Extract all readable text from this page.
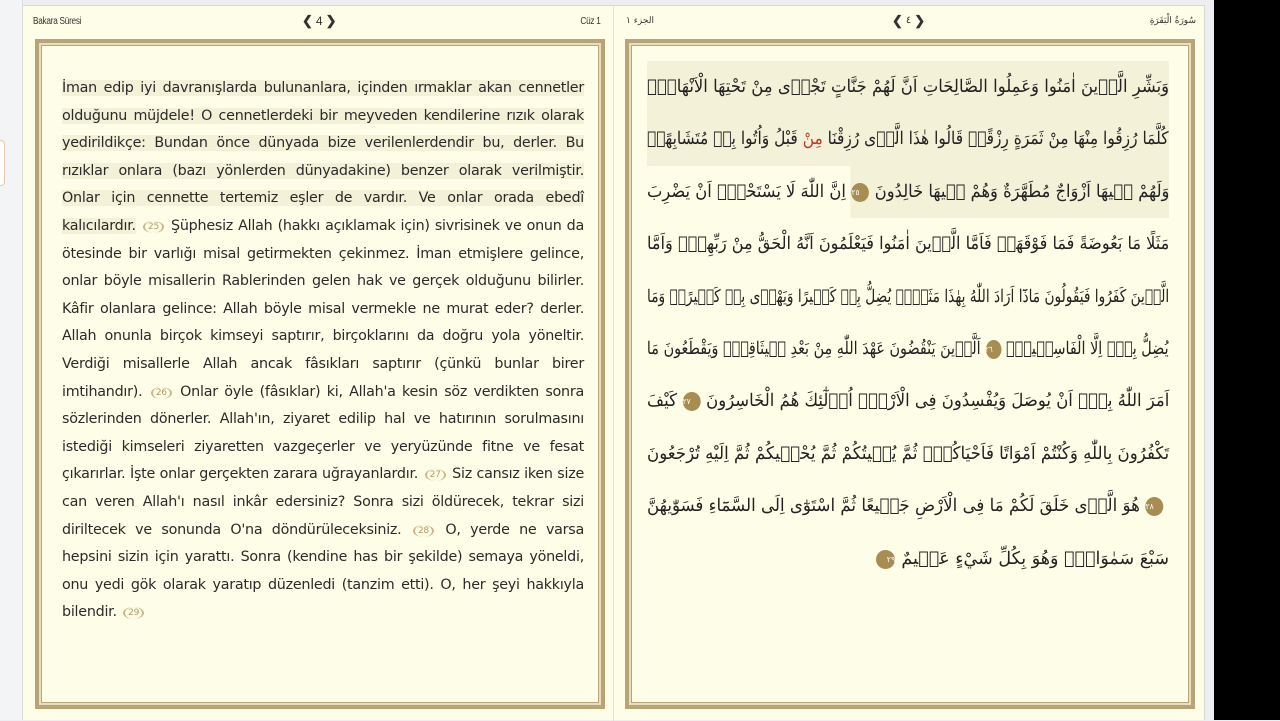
Bakara Süresi	❮ 4 ❯	Cüz 1
İman edip iyi davranışlarda bulunanlara, içinden ırmaklar akan cennetler olduğunu müjdele! O cennetlerdeki bir meyveden kendilerine rızık olarak yedirildikçe: Bundan önce dünyada bize verilenlerdendir bu, derler. Bu rızıklar onlara (bazı yönlerden dünyadakine) benzer olarak verilmiştir. Onlar için cennette tertemiz eşler de vardır. Ve onlar orada ebedî kalıcılardır. 25 Şüphesiz Allah (hakkı açıklamak için) sivrisinek ve onun da ötesinde bir varlığı misal getirmekten çekinmez. İman etmişlere gelince, onlar böyle misallerin Rablerinden gelen hak ve gerçek olduğunu bilirler. Kâfir olanlara gelince: Allah böyle misal vermekle ne murat eder? derler. Allah onunla birçok kimseyi saptırır, birçoklarını da doğru yola yöneltir. Verdiği misallerle Allah ancak fâsıkları saptırır (çünkü bunlar birer imtihandır). 26 Onlar öyle (fâsıklar) ki, Allah'a kesin söz verdikten sonra sözlerinden dönerler. Allah'ın, ziyaret edilip hal ve hatırının sorulmasını istediği kimseleri ziyaretten vazgeçerler ve yeryüzünde fitne ve fesat çıkarırlar. İşte onlar gerçekten zarara uğrayanlardır. 27 Siz cansız iken size can veren Allah'ı nasıl inkâr edersiniz? Sonra sizi öldürecek, tekrar sizi diriltecek ve sonunda O'na döndürüleceksiniz. 28 O, yerde ne varsa hepsini sizin için yarattı. Sonra (kendine has bir şekilde) semaya yöneldi, onu yedi gök olarak yaratıp düzenledi (tanzim etti). O, her şeyi hakkıyla bilendir. 29
الجزء ١	❮ ٤ ❯	سُورَةُ الْبَقَرَةِ
وَبَشِّرِ الَّذٖينَ اٰمَنُوا وَعَمِلُوا الصَّالِحَاتِ اَنَّ لَهُمْ جَنَّاتٍ تَجْرٖى مِنْ تَحْتِهَا الْاَنْهَارُۜ
كُلَّمَا رُزِقُوا مِنْهَا مِنْ ثَمَرَةٍ رِزْقًاۙ قَالُوا هٰذَا الَّذٖى رُزِقْنَا مِنْ قَبْلُ وَاُتُوا بِهٖ مُتَشَابِهًاۜ
وَلَهُمْ فٖيهَا اَزْوَاجٌ مُطَهَّرَةٌ وَهُمْ فٖيهَا خَالِدُونَ٢٥اِنَّ اللّٰهَ لَا يَسْتَحْيٖۤ اَنْ يَضْرِبَ
مَثَلًا مَا بَعُوضَةً فَمَا فَوْقَهَاۜ فَاَمَّا الَّذٖينَ اٰمَنُوا فَيَعْلَمُونَ اَنَّهُ الْحَقُّ مِنْ رَبِّهِمْۚ وَاَمَّا
الَّذٖينَ كَفَرُوا فَيَقُولُونَ مَاذَٓا اَرَادَ اللّٰهُ بِهٰذَا مَثَلًاۢ يُضِلُّ بِهٖ كَثٖيرًا وَيَهْدٖى بِهٖ كَثٖيرًاۜ وَمَا
يُضِلُّ بِهٖۤ اِلَّا الْفَاسِقٖينَۙ٢٦اَلَّذٖينَ يَنْقُضُونَ عَهْدَ اللّٰهِ مِنْ بَعْدِ مٖيثَاقِهٖۖ وَيَقْطَعُونَ مَا
اَمَرَ اللّٰهُ بِهٖۤ اَنْ يُوصَلَ وَيُفْسِدُونَ فِى الْاَرْضِۜ اُو۬لٰٓئِكَ هُمُ الْخَاسِرُونَ٢٧كَيْفَ
تَكْفُرُونَ بِاللّٰهِ وَكُنْتُمْ اَمْوَاتًا فَاَحْيَاكُمْۚ ثُمَّ يُمٖيتُكُمْ ثُمَّ يُحْيٖيكُمْ ثُمَّ اِلَيْهِ تُرْجَعُونَ
٢٨هُوَ الَّذٖى خَلَقَ لَكُمْ مَا فِى الْاَرْضِ جَمٖيعًا ثُمَّ اسْتَوٰٓى اِلَى السَّمَٓاءِ فَسَوّٰيهُنَّ
سَبْعَ سَمٰوَاتٍۜ وَهُوَ بِكُلِّ شَيْءٍ عَلٖيمٌ٢٩
